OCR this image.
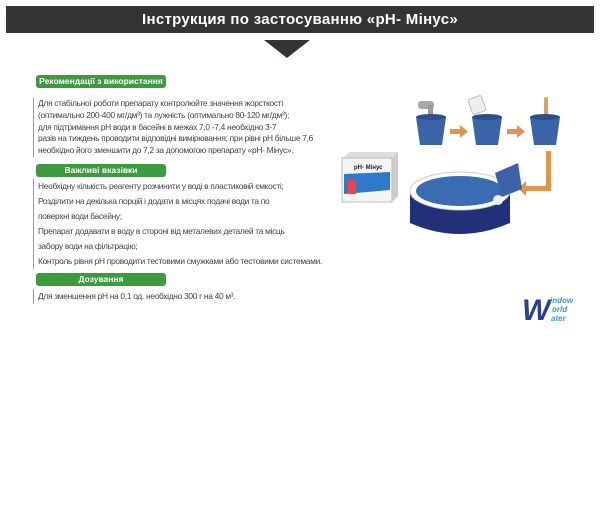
Інструкция по застосуванню «pH- Мінус»
Рекомендації з використання
Для стабільної роботи препарату контролюйте значення жорсткості
(оптимально 200-400 мг/дм³) та лужність (оптимально 80-120 мг/дм³);
для підтримання pH води в басейні в межах 7,0 -7,4 необхідно 3-7
разів на тиждень проводити відповідні вимірювання; при рівні pH більше 7,6
необхідно його зменшити до 7,2 за допомогою препарату «pH- Мінус».
Важливі вказівки
Необхідну кількість реагенту розчинити у воді в пластиковій ємкості;
Розділити на декілька порцій і додати в місцях подачі води та по
поверхні води басейну;
Препарат додавати в воду в стороні від металевих деталей та місць
забору води на фільтрацію;
Контроль рівня pH проводити тестовими смужками або тестовими системами.
Дозування
Для зменшення pH на 0,1 од. необхідно 300 г на 40 м³.
pH- Мінус
W indow
orld
ater
